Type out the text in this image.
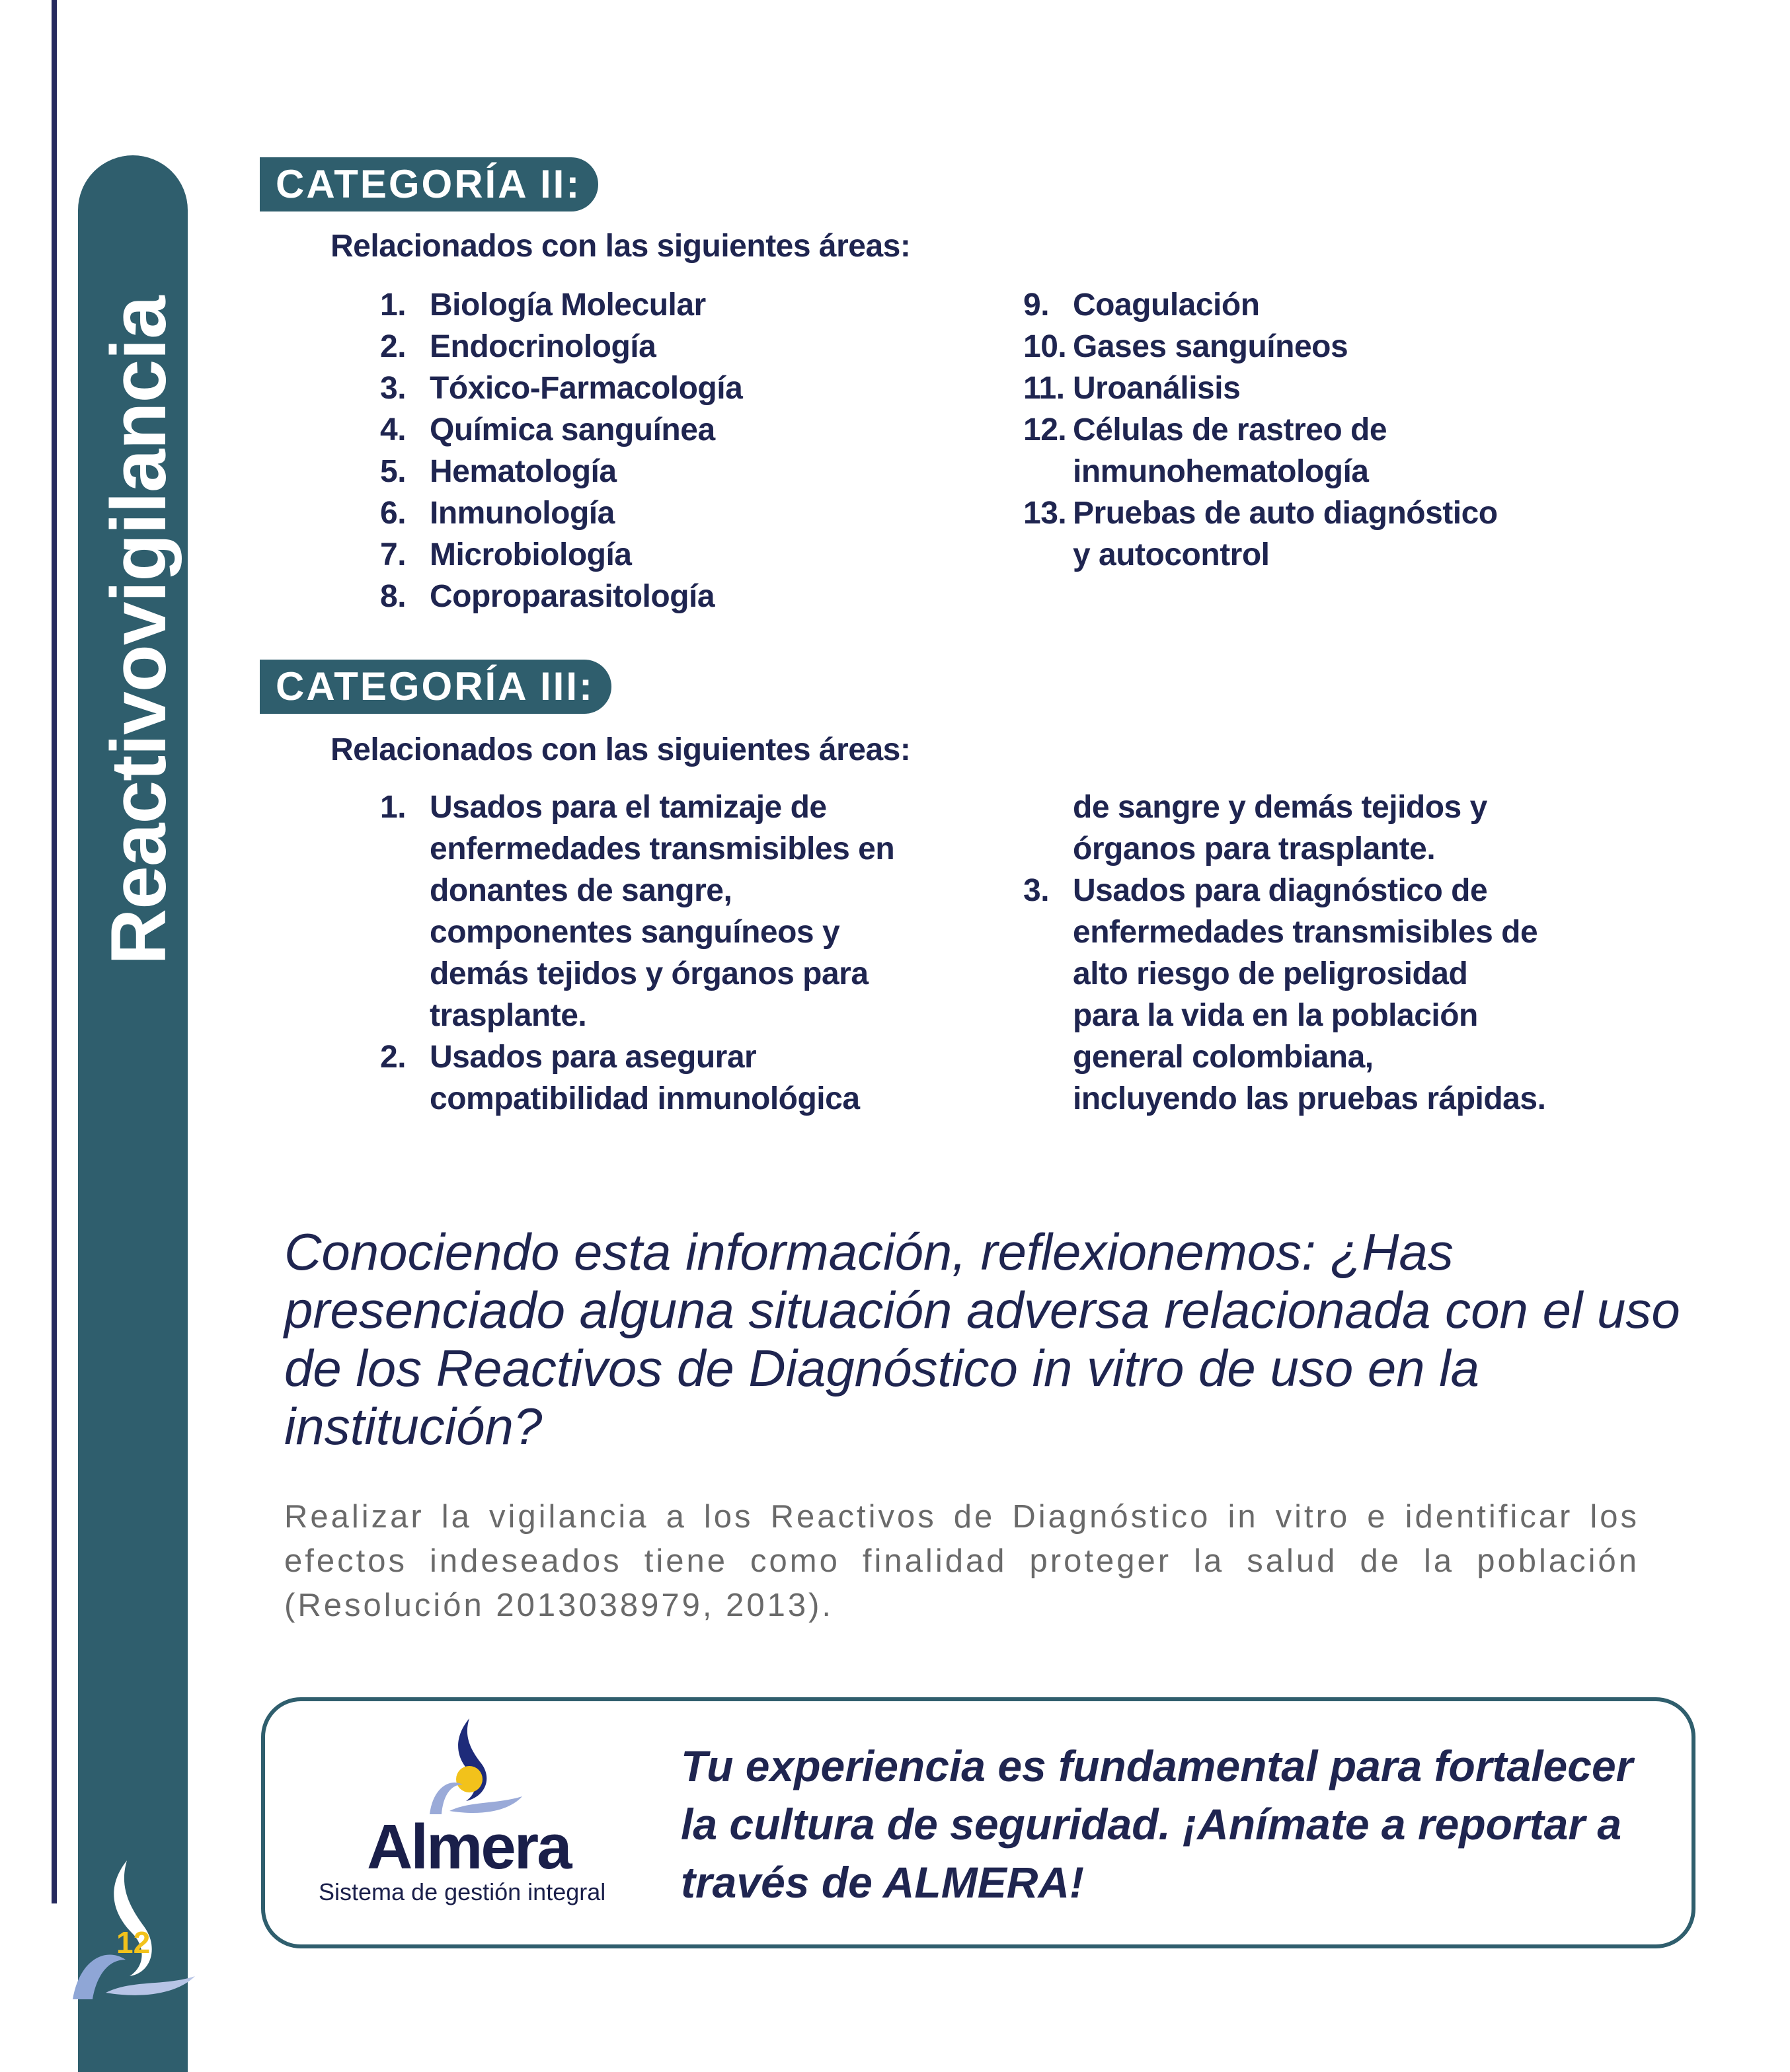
Reactivovigilancia
12
CATEGORÍA II:
Relacionados con las siguientes áreas:
1. Biología Molecular
2. Endocrinología
3. Tóxico-Farmacología
4. Química sanguínea
5. Hematología
6. Inmunología
7. Microbiología
8. Coproparasitología
9. Coagulación
10. Gases sanguíneos
11. Uroanálisis
12. Células de rastreo de
inmunohematología
13. Pruebas de auto diagnóstico
y autocontrol
CATEGORÍA III:
Relacionados con las siguientes áreas:
1. Usados para el tamizaje de
enfermedades transmisibles en
donantes de sangre,
componentes sanguíneos y
demás tejidos y órganos para
trasplante.
2. Usados para asegurar
compatibilidad inmunológica
de sangre y demás tejidos y
órganos para trasplante.
3. Usados para diagnóstico de
enfermedades transmisibles de
alto riesgo de peligrosidad
para la vida en la población
general colombiana,
incluyendo las pruebas rápidas.
Conociendo esta información, reflexionemos: ¿Has presenciado alguna situación adversa relacionada con el uso de los Reactivos de Diagnóstico in vitro de uso en la institución?
Realizar la vigilancia a los Reactivos de Diagnóstico in vitro e identificar los efectos indeseados tiene como finalidad proteger la salud de la población (Resolución 2013038979, 2013).
Almera
Sistema de gestión integral
Tu experiencia es fundamental para fortalecer la cultura de seguridad. ¡Anímate a reportar a través de ALMERA!
